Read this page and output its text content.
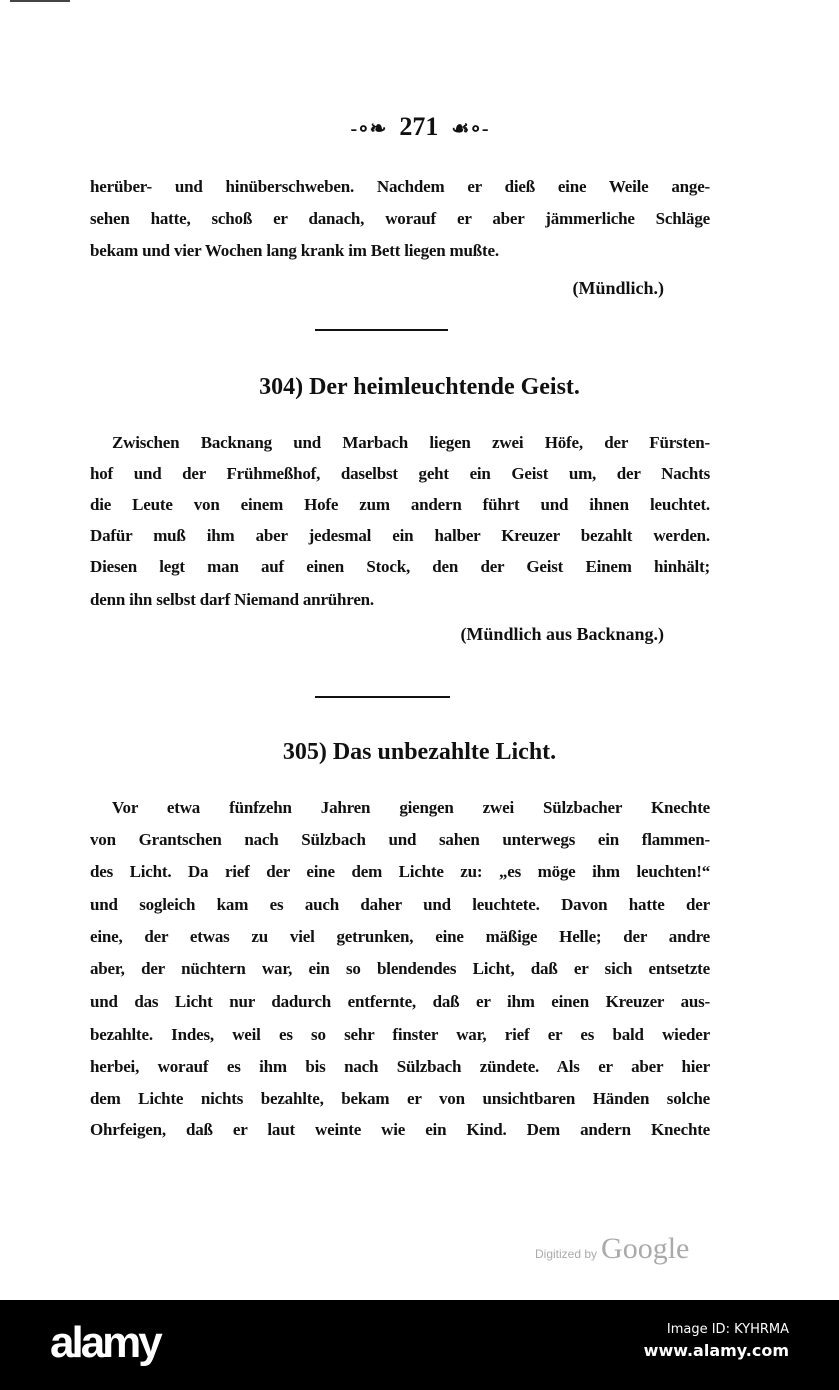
-∘❧ 271 ☙∘-
herüber- und hinüberschweben. Nachdem er dieß eine Weile ange-
sehen hatte, schoß er danach, worauf er aber jämmerliche Schläge
bekam und vier Wochen lang krank im Bett liegen mußte.
(Mündlich.)
304) Der heimleuchtende Geist.
Zwischen Backnang und Marbach liegen zwei Höfe, der Fürsten-
hof und der Frühmeßhof, daselbst geht ein Geist um, der Nachts
die Leute von einem Hofe zum andern führt und ihnen leuchtet.
Dafür muß ihm aber jedesmal ein halber Kreuzer bezahlt werden.
Diesen legt man auf einen Stock, den der Geist Einem hinhält;
denn ihn selbst darf Niemand anrühren.
(Mündlich aus Backnang.)
305) Das unbezahlte Licht.
Vor etwa fünfzehn Jahren giengen zwei Sülzbacher Knechte
von Grantschen nach Sülzbach und sahen unterwegs ein flammen-
des Licht. Da rief der eine dem Lichte zu: „es möge ihm leuchten!“
und sogleich kam es auch daher und leuchtete. Davon hatte der
eine, der etwas zu viel getrunken, eine mäßige Helle; der andre
aber, der nüchtern war, ein so blendendes Licht, daß er sich entsetzte
und das Licht nur dadurch entfernte, daß er ihm einen Kreuzer aus-
bezahlte. Indes, weil es so sehr finster war, rief er es bald wieder
herbei, worauf es ihm bis nach Sülzbach zündete. Als er aber hier
dem Lichte nichts bezahlte, bekam er von unsichtbaren Händen solche
Ohrfeigen, daß er laut weinte wie ein Kind. Dem andern Knechte
Digitized by Google
alamy	Image ID: KYHRMA
www.alamy.com
